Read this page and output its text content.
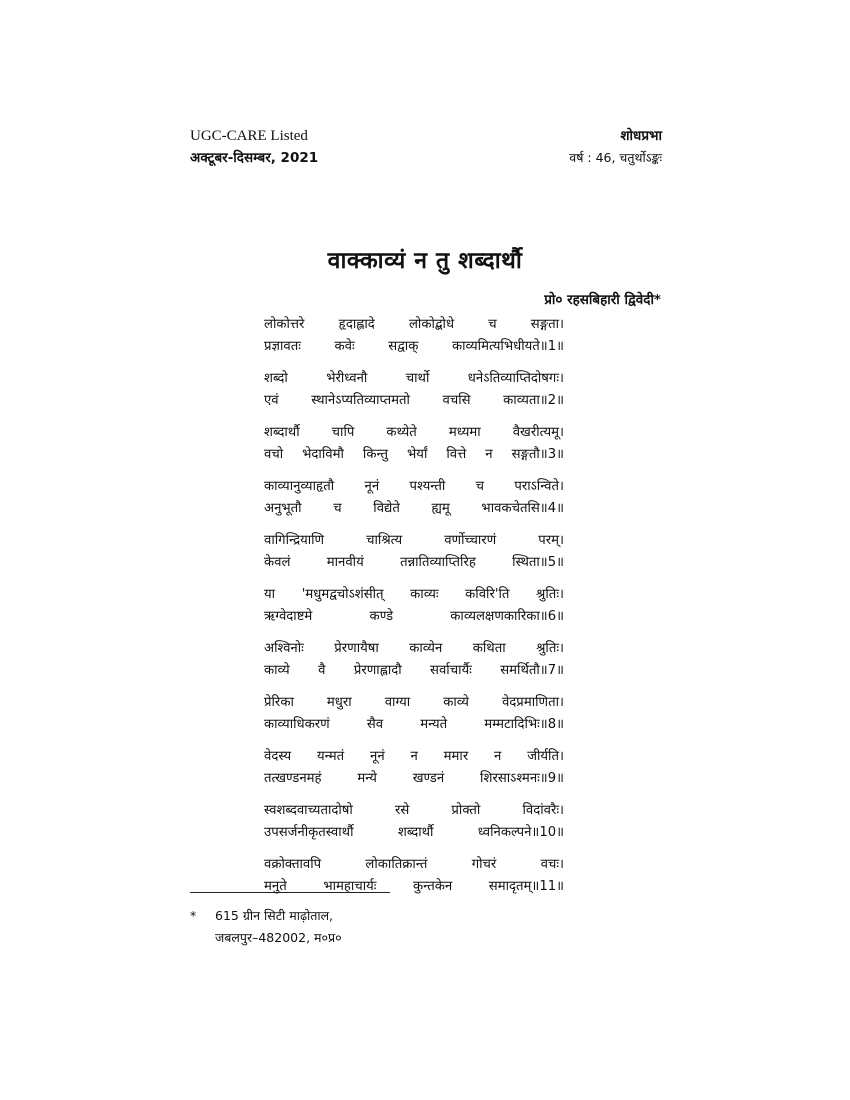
UGC-CARE Listed
अक्टूबर-दिसम्बर, 2021
शोधप्रभा
वर्ष : 46, चतुर्थोऽङ्कः
वाक्काव्यं न तु शब्दार्थौ
प्रो० रहसबिहारी द्विवेदी*
लोकोत्तरे हृदाह्लादे लोकोद्बोधे च सङ्गता।
प्रज्ञावतः कवेः सद्वाक् काव्यमित्यभिधीयते॥1॥
शब्दो भेरीध्वनौ चार्थो धनेऽतिव्याप्तिदोषगः।
एवं स्थानेऽप्यतिव्याप्तमतो वचसि काव्यता॥2॥
शब्दार्थौ चापि कथ्येते मध्यमा वैखरीत्यमू।
वचो भेदाविमौ किन्तु भेर्यां वित्ते न सङ्गतौ॥3॥
काव्यानुव्याहृतौ नूनं पश्यन्ती च पराऽन्विते।
अनुभूतौ च विद्येते ह्यमू भावकचेतसि॥4॥
वागिन्द्रियाणि चाश्रित्य वर्णोच्चारणं परम्।
केवलं मानवीयं तन्नातिव्याप्तिरिह स्थिता॥5॥
या 'मधुमद्वचोऽशंसीत् काव्यः कविरि'ति श्रुतिः।
ऋग्वेदाष्टमे कण्डे काव्यलक्षणकारिका॥6॥
अश्विनोः प्रेरणायैषा काव्येन कथिता श्रुतिः।
काव्ये वै प्रेरणाह्लादौ सर्वाचार्यैः समर्थितौ॥7॥
प्रेरिका मधुरा वाग्या काव्ये वेदप्रमाणिता।
काव्याधिकरणं सैव मन्यते मम्मटादिभिः॥8॥
वेदस्य यन्मतं नूनं न ममार न जीर्यति।
तत्खण्डनमहं मन्ये खण्डनं शिरसाऽश्मनः॥9॥
स्वशब्दवाच्यतादोषो रसे प्रोक्तो विदांवरैः।
उपसर्जनीकृतस्वार्थौ शब्दार्थौ ध्वनिकल्पने॥10॥
वक्रोक्तावपि लोकातिक्रान्तं गोचरं वचः।
मनुते भामहाचार्यः कुन्तकेन समादृतम्॥11॥
* 615 ग्रीन सिटी माढ़ोताल,
जबलपुर–482002, म०प्र०
